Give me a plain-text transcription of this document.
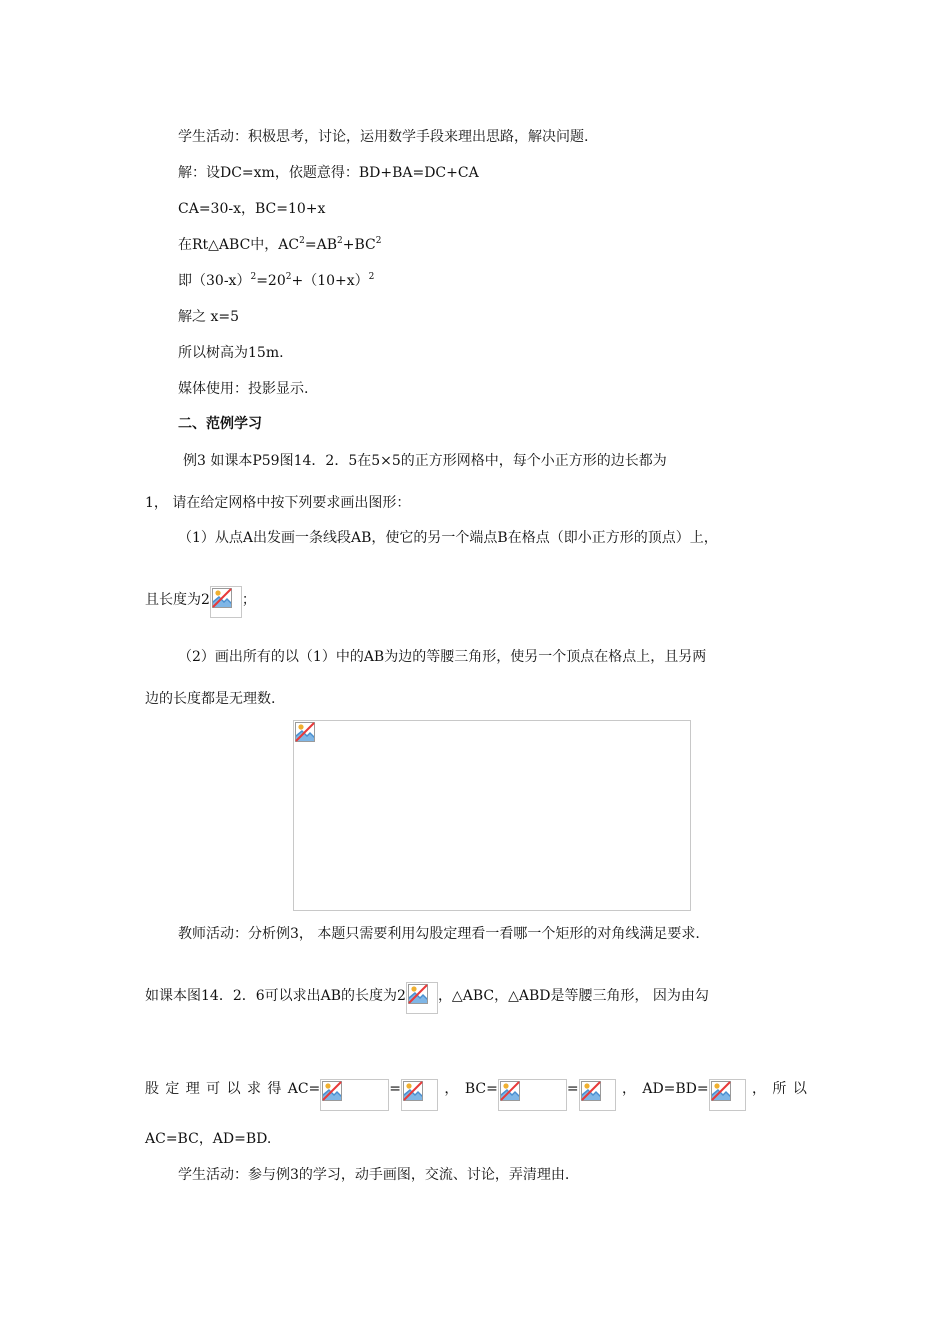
学生活动：积极思考，讨论，运用数学手段来理出思路，解决问题.
解：设DC=xm，依题意得：BD+BA=DC+CA
CA=30-x，BC=10+x
在Rt△ABC中，$AC^2=AB^2+BC^2$
即$(30-x)^2=20^2+(10+x)^2$
解之 x=5
所以树高为15m.
媒体使用：投影显示.
二、范例学习
例3 如课本P59图14．2．5在5×5的正方形网格中，每个小正方形的边长都为
1， 请在给定网格中按下列要求画出图形：
（1）从点A出发画一条线段AB，使它的另一个端点B在格点（即小正方形的顶点）上，
且长度为2 ；
（2）画出所有的以（1）中的AB为边的等腰三角形，使另一个顶点在格点上，且另两
边的长度都是无理数.
教师活动：分析例3， 本题只需要利用勾股定理看一看哪一个矩形的对角线满足要求.
如课本图14．2．6可以求出AB的长度为2 ，△ABC，△ABD是等腰三角形， 因为由勾
股 定 理 可 以 求 得 AC=	=	， BC=	=	， AD=BD=	， 所 以
AC=BC，AD=BD.
学生活动：参与例3的学习，动手画图，交流、讨论，弄清理由.
